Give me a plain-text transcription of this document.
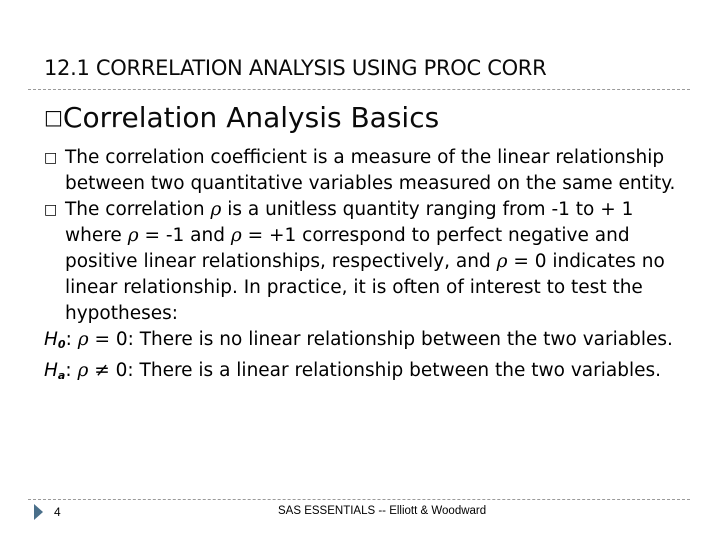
12.1 CORRELATION ANALYSIS USING PROC CORR
□Correlation Analysis Basics
□ The correlation coefficient is a measure of the linear relationship between two quantitative variables measured on the same entity.
□ The correlation ρ is a unitless quantity ranging from -1 to + 1 where ρ = -1 and ρ = +1 correspond to perfect negative and positive linear relationships, respectively, and ρ = 0 indicates no linear relationship. In practice, it is often of interest to test the hypotheses:
$H_0$: ρ = 0: There is no linear relationship between the two variables.
$H_a$: ρ ≠ 0: There is a linear relationship between the two variables.
4	SAS ESSENTIALS -- Elliott & Woodward
